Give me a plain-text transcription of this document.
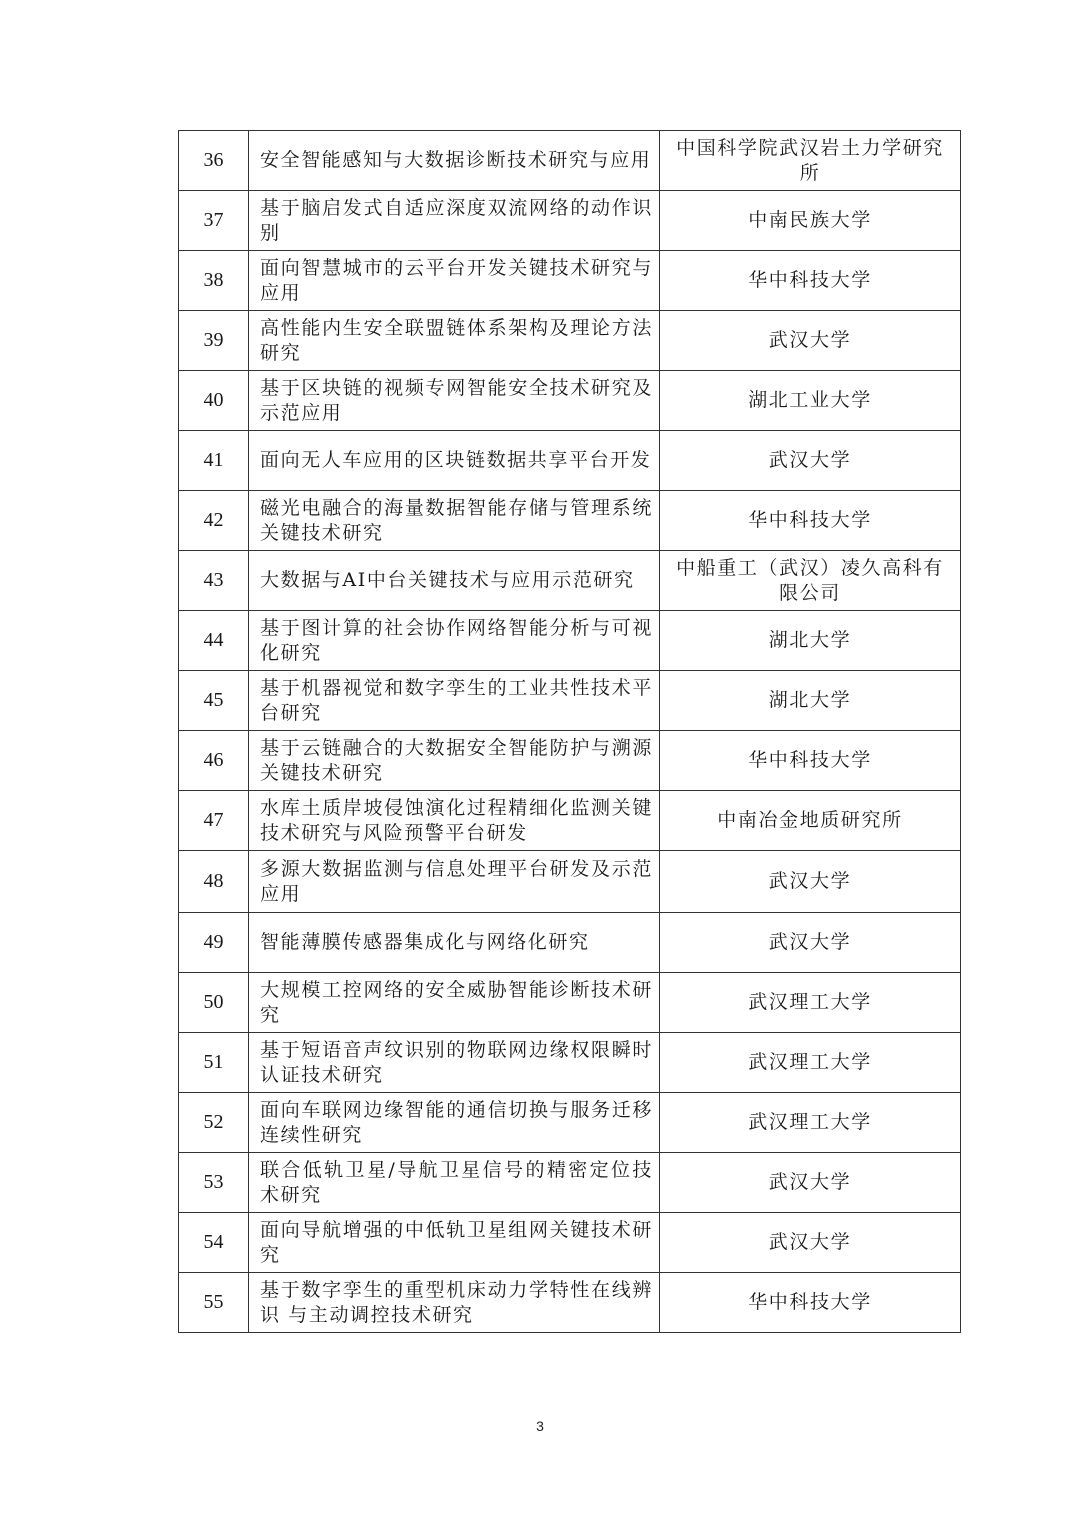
36	安全智能感知与大数据诊断技术研究与应用	中国科学院武汉岩土力学研究所
37	基于脑启发式自适应深度双流网络的动作识别	中南民族大学
38	面向智慧城市的云平台开发关键技术研究与应用	华中科技大学
39	高性能内生安全联盟链体系架构及理论方法研究	武汉大学
40	基于区块链的视频专网智能安全技术研究及示范应用	湖北工业大学
41	面向无人车应用的区块链数据共享平台开发	武汉大学
42	磁光电融合的海量数据智能存储与管理系统关键技术研究	华中科技大学
43	大数据与AI中台关键技术与应用示范研究	中船重工（武汉）凌久高科有限公司
44	基于图计算的社会协作网络智能分析与可视化研究	湖北大学
45	基于机器视觉和数字孪生的工业共性技术平台研究	湖北大学
46	基于云链融合的大数据安全智能防护与溯源关键技术研究	华中科技大学
47	水库土质岸坡侵蚀演化过程精细化监测关键技术研究与风险预警平台研发	中南冶金地质研究所
48	多源大数据监测与信息处理平台研发及示范应用	武汉大学
49	智能薄膜传感器集成化与网络化研究	武汉大学
50	大规模工控网络的安全威胁智能诊断技术研究	武汉理工大学
51	基于短语音声纹识别的物联网边缘权限瞬时认证技术研究	武汉理工大学
52	面向车联网边缘智能的通信切换与服务迁移连续性研究	武汉理工大学
53	联合低轨卫星/导航卫星信号的精密定位技术研究	武汉大学
54	面向导航增强的中低轨卫星组网关键技术研究	武汉大学
55	基于数字孪生的重型机床动力学特性在线辨识 与主动调控技术研究	华中科技大学
3
